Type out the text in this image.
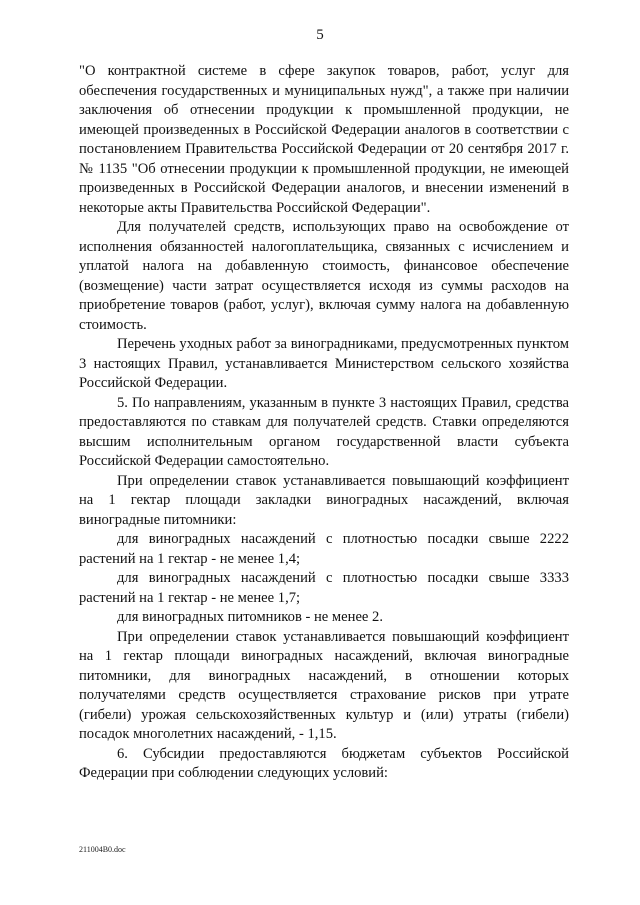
5

"О контрактной системе в сфере закупок товаров, работ, услуг для обеспечения государственных и муниципальных нужд", а также при наличии заключения об отнесении продукции к промышленной продукции, не имеющей произведенных в Российской Федерации аналогов в соответствии с постановлением Правительства Российской Федерации от 20 сентября 2017 г. № 1135 "Об отнесении продукции к промышленной продукции, не имеющей произведенных в Российской Федерации аналогов, и внесении изменений в некоторые акты Правительства Российской Федерации".

Для получателей средств, использующих право на освобождение от исполнения обязанностей налогоплательщика, связанных с исчислением и уплатой налога на добавленную стоимость, финансовое обеспечение (возмещение) части затрат осуществляется исходя из суммы расходов на приобретение товаров (работ, услуг), включая сумму налога на добавленную стоимость.

Перечень уходных работ за виноградниками, предусмотренных пунктом 3 настоящих Правил, устанавливается Министерством сельского хозяйства Российской Федерации.

5. По направлениям, указанным в пункте 3 настоящих Правил, средства предоставляются по ставкам для получателей средств. Ставки определяются высшим исполнительным органом государственной власти субъекта Российской Федерации самостоятельно.

При определении ставок устанавливается повышающий коэффициент на 1 гектар площади закладки виноградных насаждений, включая виноградные питомники:

для виноградных насаждений с плотностью посадки свыше 2222 растений на 1 гектар - не менее 1,4;

для виноградных насаждений с плотностью посадки свыше 3333 растений на 1 гектар - не менее 1,7;

для виноградных питомников - не менее 2.

При определении ставок устанавливается повышающий коэффициент на 1 гектар площади виноградных насаждений, включая виноградные питомники, для виноградных насаждений, в отношении которых получателями средств осуществляется страхование рисков при утрате (гибели) урожая сельскохозяйственных культур и (или) утраты (гибели) посадок многолетних насаждений, - 1,15.

6. Субсидии предоставляются бюджетам субъектов Российской Федерации при соблюдении следующих условий:

211004B0.doc
